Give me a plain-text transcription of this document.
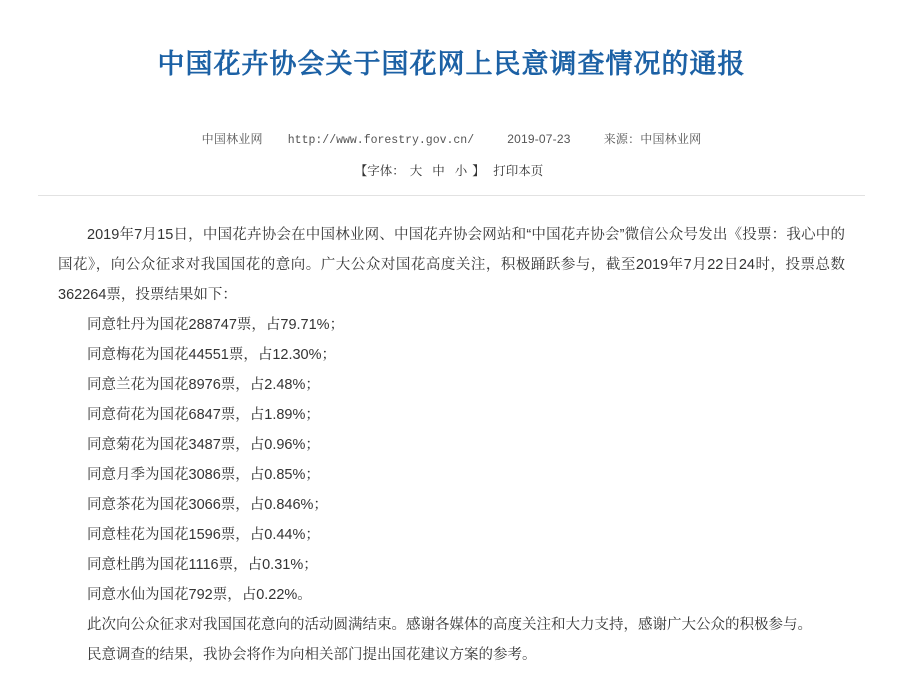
中国花卉协会关于国花网上民意调查情况的通报
中国林业网 http://www.forestry.gov.cn/	2019-07-23	来源：中国林业网
【字体： 大 中 小 】 打印本页

2019年7月15日，中国花卉协会在中国林业网、中国花卉协会网站和“中国花卉协会”微信公众号发出《投票：我心中的国花》，向公众征求对我国国花的意向。广大公众对国花高度关注，积极踊跃参与，截至2019年7月22日24时，投票总数362264票，投票结果如下：

同意牡丹为国花288747票，占79.71%；

同意梅花为国花44551票，占12.30%；

同意兰花为国花8976票，占2.48%；

同意荷花为国花6847票，占1.89%；

同意菊花为国花3487票，占0.96%；

同意月季为国花3086票，占0.85%；

同意茶花为国花3066票，占0.846%；

同意桂花为国花1596票，占0.44%；

同意杜鹃为国花1116票，占0.31%；

同意水仙为国花792票，占0.22%。

此次向公众征求对我国国花意向的活动圆满结束。感谢各媒体的高度关注和大力支持，感谢广大公众的积极参与。

民意调查的结果，我协会将作为向相关部门提出国花建议方案的参考。
